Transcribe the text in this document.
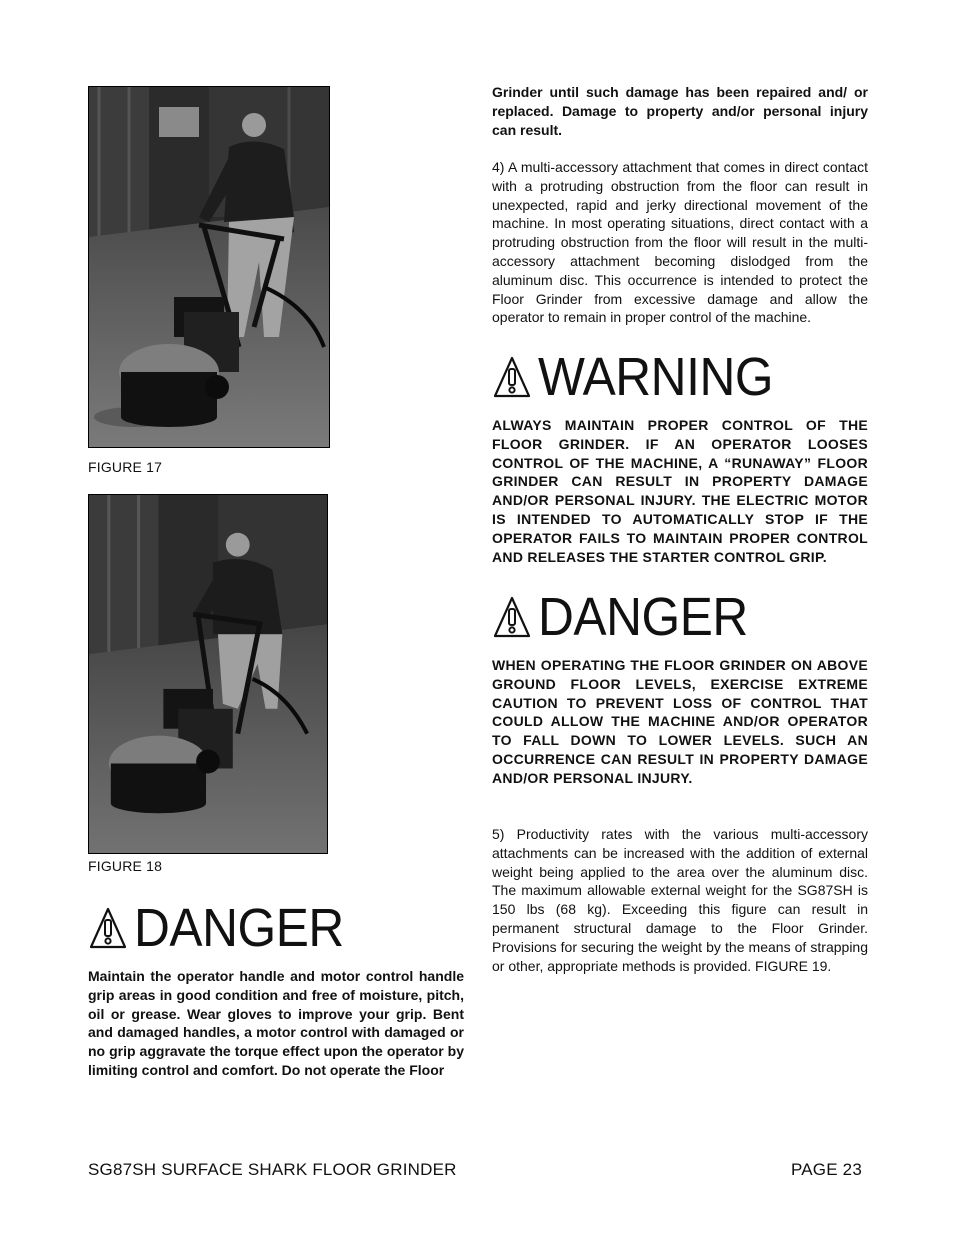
FIGURE 17
FIGURE 18
DANGER

Maintain the operator handle and motor control handle grip areas in good condition and free of moisture, pitch, oil or grease. Wear gloves to improve your grip. Bent and damaged handles, a motor control with damaged or no grip aggravate the torque effect upon the operator by limiting control and comfort. Do not operate the Floor

Grinder until such damage has been repaired and/ or replaced. Damage to property and/or personal injury can result.

4) A multi-accessory attachment that comes in direct contact with a protruding obstruction from the floor can result in unexpected, rapid and jerky directional movement of the machine. In most operating situations, direct contact with a protruding obstruction from the floor will result in the multi-accessory attachment becoming dislodged from the aluminum disc. This occurrence is intended to protect the Floor Grinder from excessive damage and allow the operator to remain in proper control of the machine.

WARNING

ALWAYS MAINTAIN PROPER CONTROL OF THE FLOOR GRINDER. IF AN OPERATOR LOOSES CONTROL OF THE MACHINE, A “RUNAWAY” FLOOR GRINDER CAN RESULT IN PROPERTY DAMAGE AND/OR PERSONAL INJURY. THE ELECTRIC MOTOR IS INTENDED TO AUTOMATICALLY STOP IF THE OPERATOR FAILS TO MAINTAIN PROPER CONTROL AND RELEASES THE STARTER CONTROL GRIP.

DANGER

WHEN OPERATING THE FLOOR GRINDER ON ABOVE GROUND FLOOR LEVELS, EXERCISE EXTREME CAUTION TO PREVENT LOSS OF CONTROL THAT COULD ALLOW THE MACHINE AND/OR OPERATOR TO FALL DOWN TO LOWER LEVELS. SUCH AN OCCURRENCE CAN RESULT IN PROPERTY DAMAGE AND/OR PERSONAL INJURY.

5) Productivity rates with the various multi-accessory attachments can be increased with the addition of external weight being applied to the area over the aluminum disc. The maximum allowable external weight for the SG87SH is 150 lbs (68 kg). Exceeding this figure can result in permanent structural damage to the Floor Grinder. Provisions for securing the weight by the means of strapping or other, appropriate methods is provided. FIGURE 19.

SG87SH SURFACE SHARK FLOOR GRINDER	PAGE 23
